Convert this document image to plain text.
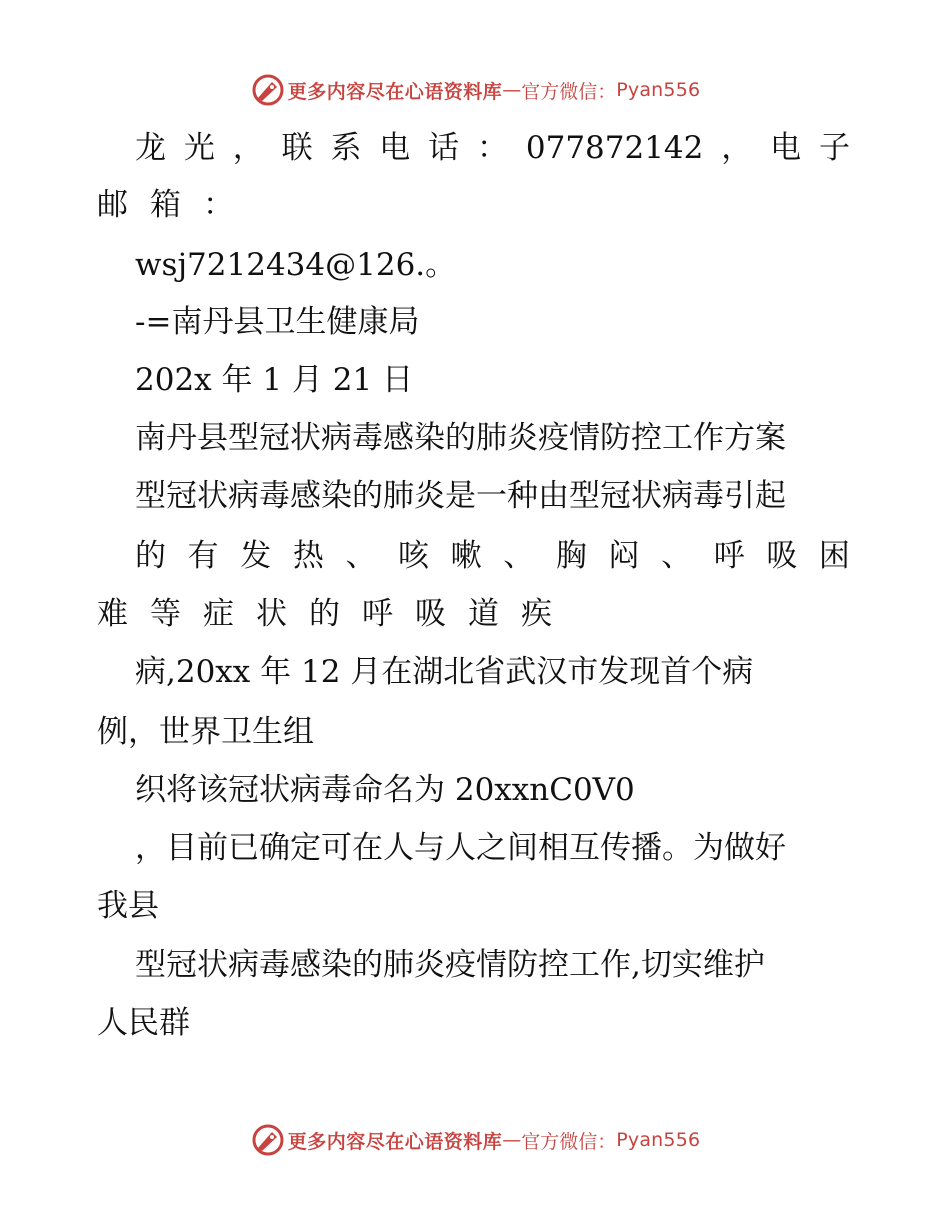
更多内容尽在心语资料库 — 官方微信： Pyan556
龙 光 ， 联 系 电 话 ： 077872142 ， 电 子
邮箱：
wsj7212434@126.。
-=南丹县卫生健康局
202x 年 1 月 21 日
南丹县型冠状病毒感染的肺炎疫情防控工作方案
型冠状病毒感染的肺炎是一种由型冠状病毒引起
的 有 发 热 、 咳 嗽 、 胸 闷 、 呼 吸 困
难等症状的呼吸道疾
病,20xx 年 12 月在湖北省武汉市发现首个病
例，世界卫生组
织将该冠状病毒命名为 20xxnC0V0
，目前已确定可在人与人之间相互传播。为做好
我县
型冠状病毒感染的肺炎疫情防控工作,切实维护
人民群
更多内容尽在心语资料库 — 官方微信： Pyan556
